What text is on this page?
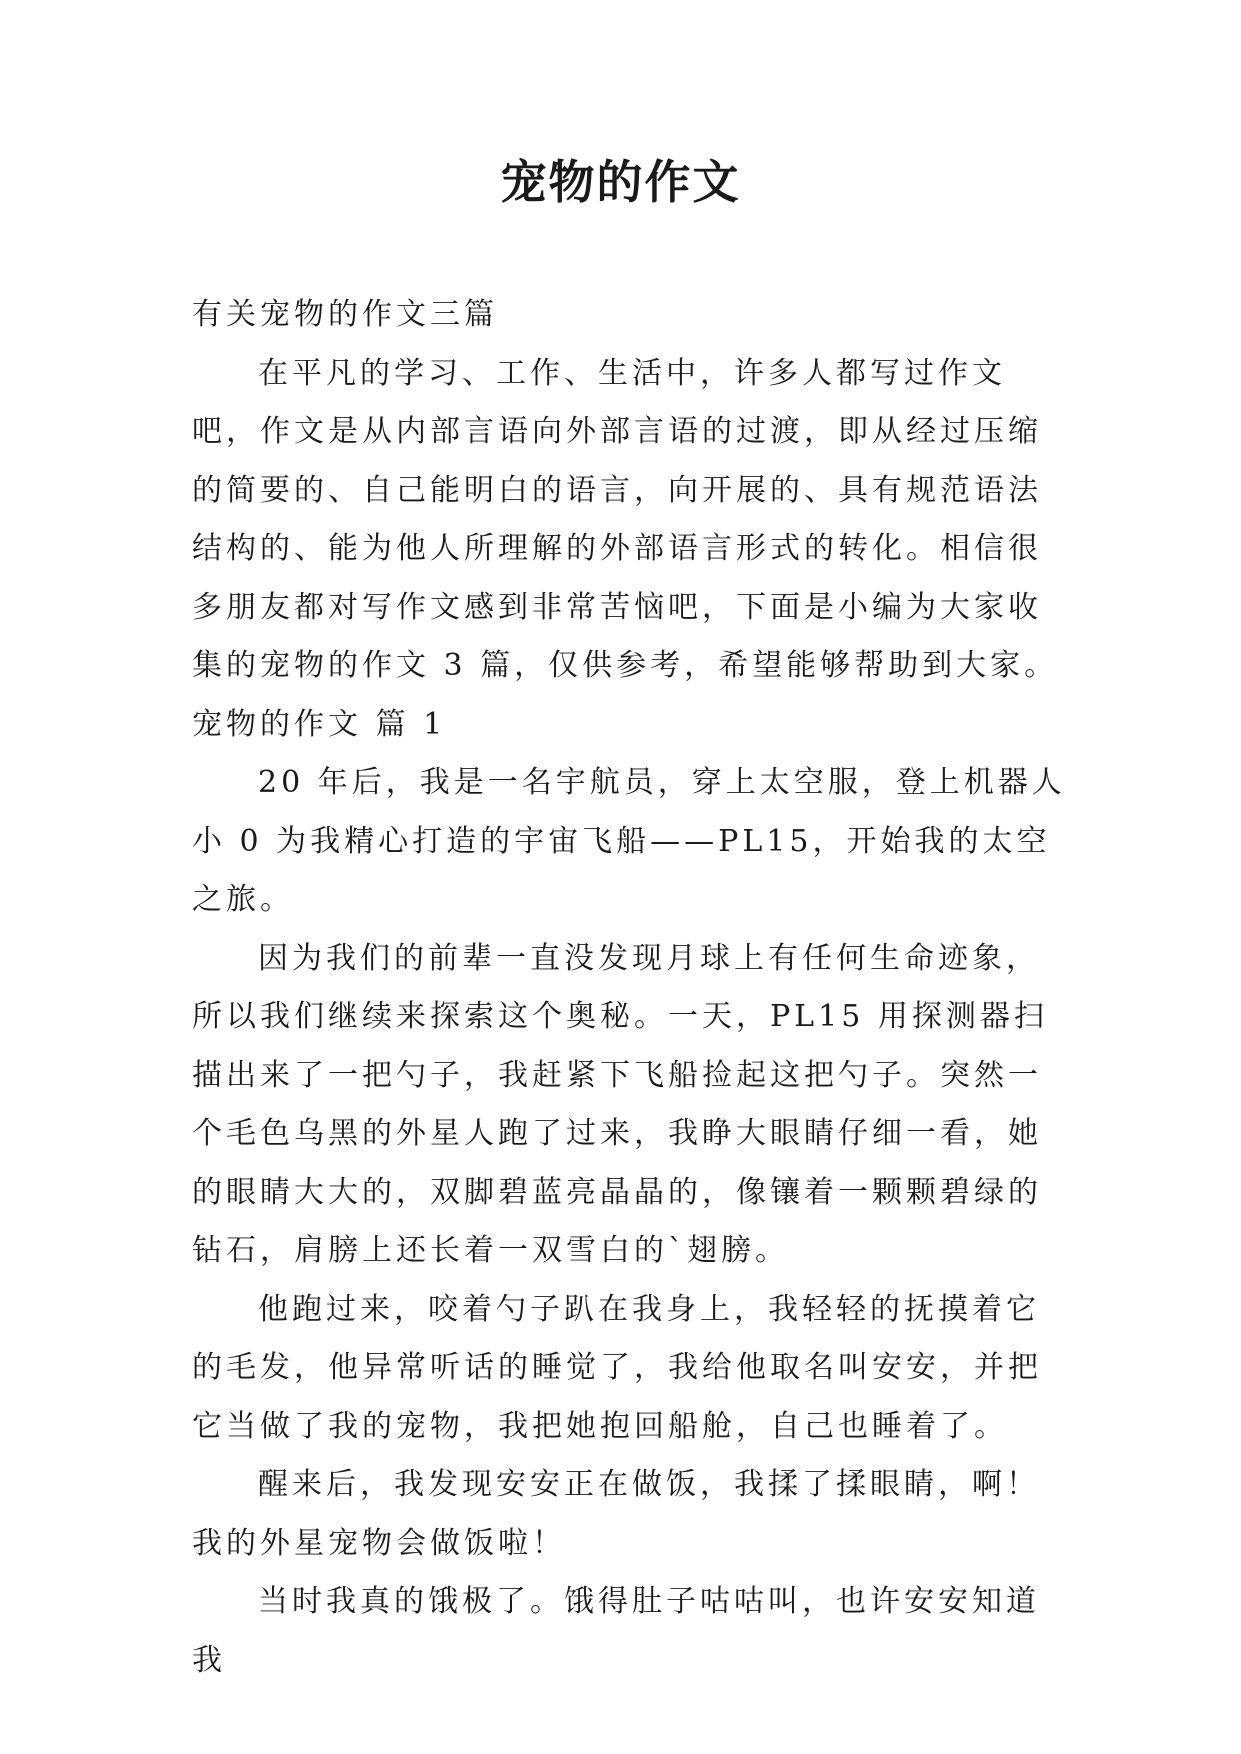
宠物的作文

有关宠物的作文三篇

在平凡的学习、工作、生活中，许多人都写过作文吧，作文是从内部言语向外部言语的过渡，即从经过压缩的简要的、自己能明白的语言，向开展的、具有规范语法结构的、能为他人所理解的外部语言形式的转化。相信很多朋友都对写作文感到非常苦恼吧，下面是小编为大家收集的宠物的作文 3 篇，仅供参考，希望能够帮助到大家。

宠物的作文 篇 1

20 年后，我是一名宇航员，穿上太空服，登上机器人小 0 为我精心打造的宇宙飞船——PL15，开始我的太空之旅。

因为我们的前辈一直没发现月球上有任何生命迹象，所以我们继续来探索这个奥秘。一天，PL15 用探测器扫描出来了一把勺子，我赶紧下飞船捡起这把勺子。突然一个毛色乌黑的外星人跑了过来，我睁大眼睛仔细一看，她的眼睛大大的，双脚碧蓝亮晶晶的，像镶着一颗颗碧绿的钻石，肩膀上还长着一双雪白的`翅膀。

他跑过来，咬着勺子趴在我身上，我轻轻的抚摸着它的毛发，他异常听话的睡觉了，我给他取名叫安安，并把它当做了我的宠物，我把她抱回船舱，自己也睡着了。

醒来后，我发现安安正在做饭，我揉了揉眼睛，啊！我的外星宠物会做饭啦！

当时我真的饿极了。饿得肚子咕咕叫，也许安安知道我
